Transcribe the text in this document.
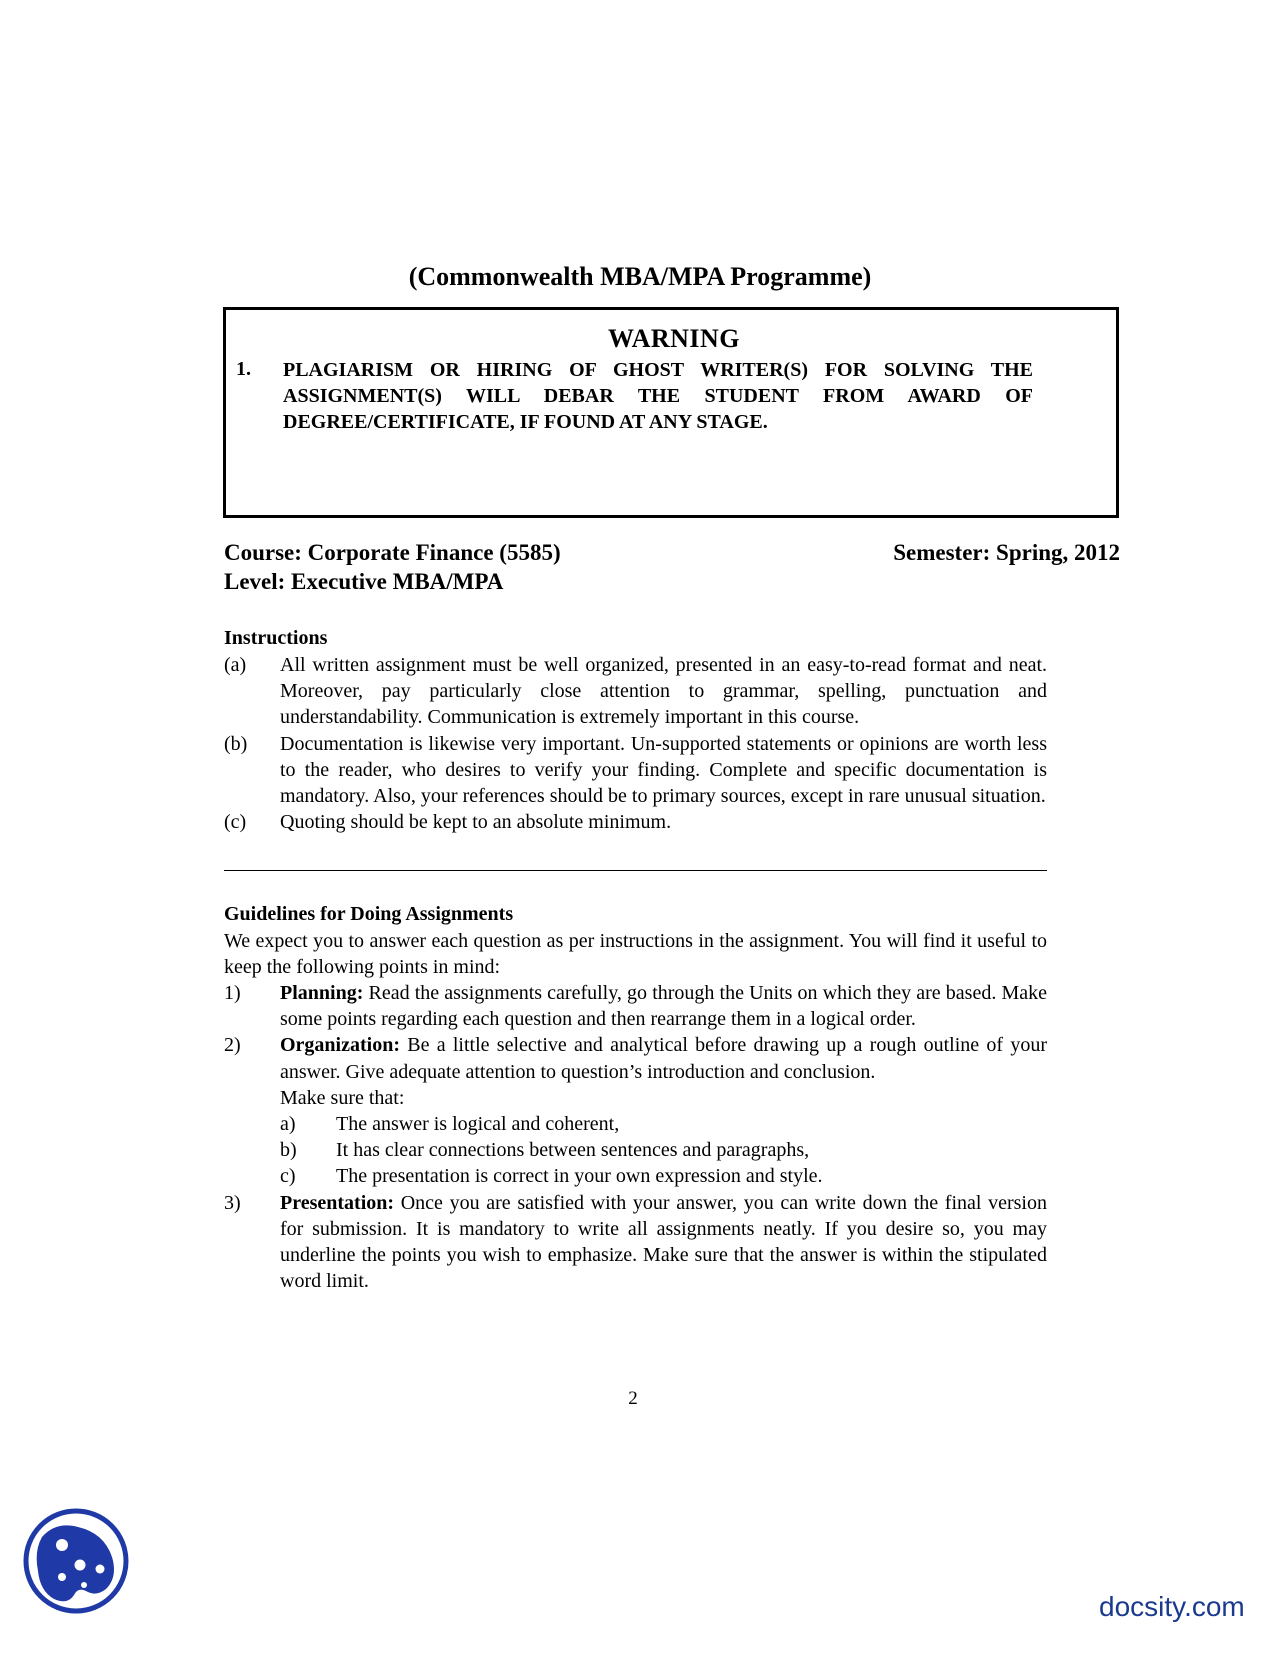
(Commonwealth MBA/MPA Programme)
WARNING
1. PLAGIARISM OR HIRING OF GHOST WRITER(S) FOR SOLVING THE ASSIGNMENT(S) WILL DEBAR THE STUDENT FROM AWARD OF DEGREE/CERTIFICATE, IF FOUND AT ANY STAGE.
Course: Corporate Finance (5585)	Semester: Spring, 2012
Level: Executive MBA/MPA
Instructions
(a) All written assignment must be well organized, presented in an easy-to-read format and neat. Moreover, pay particularly close attention to grammar, spelling, punctuation and understandability. Communication is extremely important in this course.
(b) Documentation is likewise very important. Un-supported statements or opinions are worth less to the reader, who desires to verify your finding. Complete and specific documentation is mandatory. Also, your references should be to primary sources, except in rare unusual situation.
(c) Quoting should be kept to an absolute minimum.
Guidelines for Doing Assignments
We expect you to answer each question as per instructions in the assignment. You will find it useful to keep the following points in mind:
1) Planning: Read the assignments carefully, go through the Units on which they are based. Make some points regarding each question and then rearrange them in a logical order.
2) Organization: Be a little selective and analytical before drawing up a rough outline of your answer. Give adequate attention to question’s introduction and conclusion.
Make sure that:
a) The answer is logical and coherent,
b) It has clear connections between sentences and paragraphs,
c) The presentation is correct in your own expression and style.
3) Presentation: Once you are satisfied with your answer, you can write down the final version for submission. It is mandatory to write all assignments neatly. If you desire so, you may underline the points you wish to emphasize. Make sure that the answer is within the stipulated word limit.
2
docsity.com
